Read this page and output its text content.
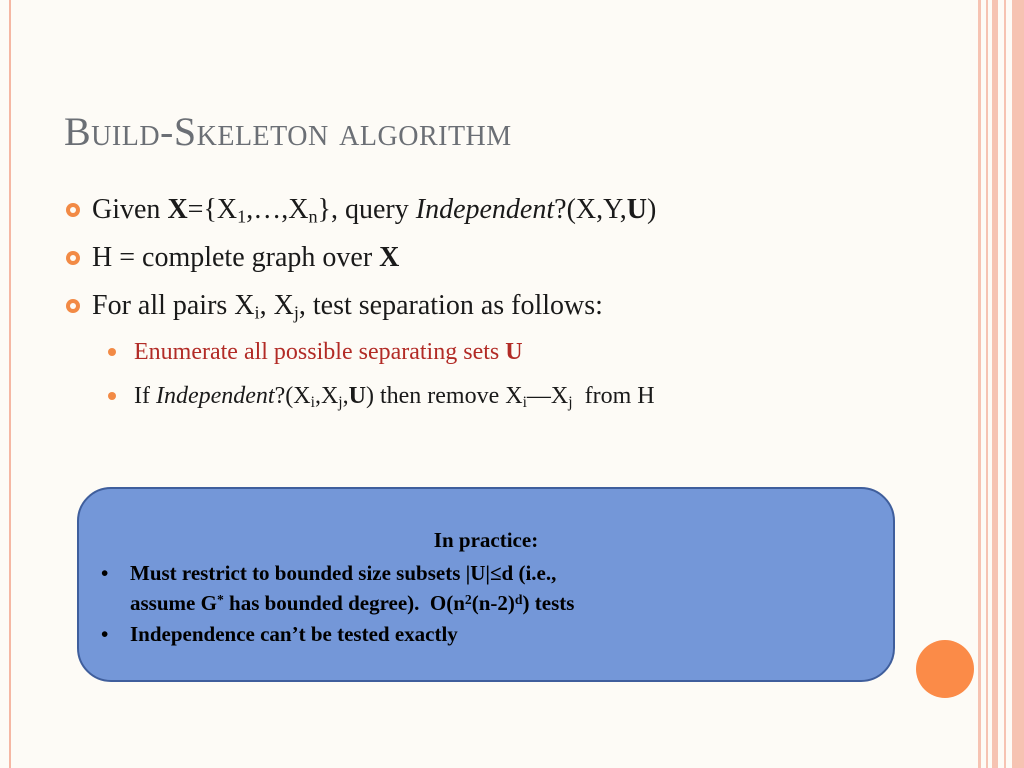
Build-Skeleton algorithm
Given $X=\{X_1,\dots,X_n\}$, query Independent?(X,Y,U)
H = complete graph over X
For all pairs $X_i$, $X_j$, test separation as follows:
Enumerate all possible separating sets U
If $Independent?(X_i,X_j,U)$ then remove $X_i—X_j$  from H
In practice:
• Must restrict to bounded size subsets |U|≤d (i.e.,
assume G* has bounded degree).  $O(n^2(n-2)^d)$ tests
• Independence can’t be tested exactly
